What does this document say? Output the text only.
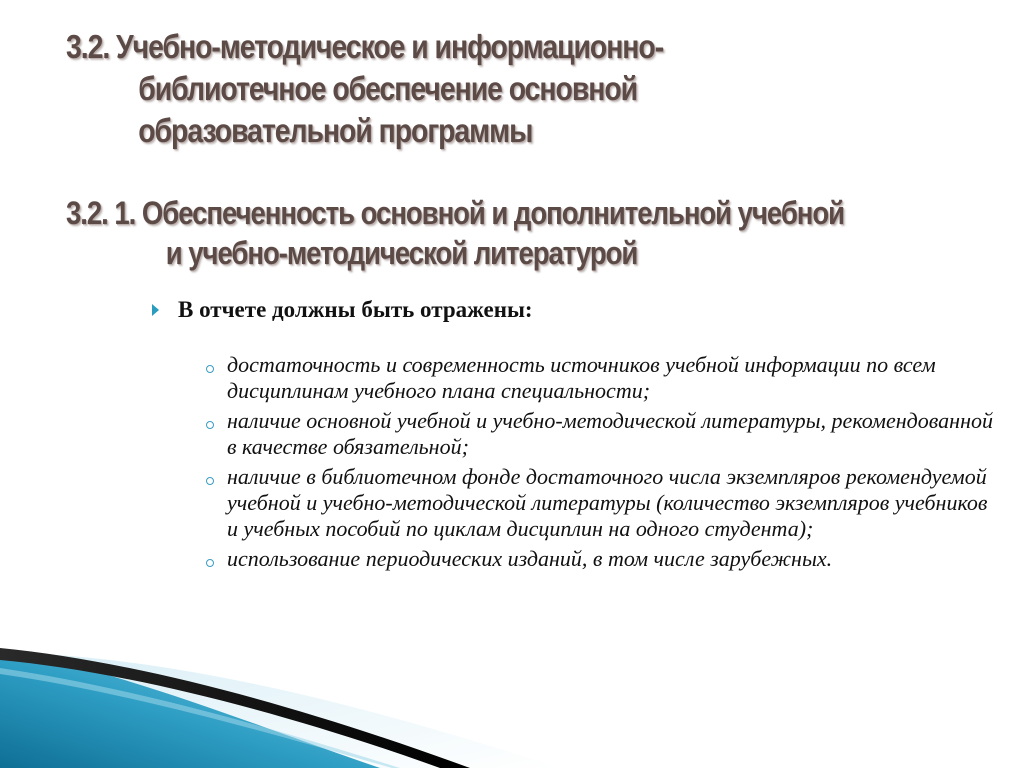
3.2. Учебно-методическое и информационно-
библиотечное обеспечение основной
образовательной программы
3.2. 1. Обеспеченность основной и дополнительной учебной
и учебно-методической литературой
В отчете должны быть отражены:
достаточность и современность источников учебной информации по всем дисциплинам учебного плана специальности;
наличие основной учебной и учебно-методической литературы, рекомендованной в качестве обязательной;
наличие в библиотечном фонде достаточного числа экземпляров рекомендуемой учебной и учебно-методической литературы (количество экземпляров учебников и учебных пособий по циклам дисциплин на одного студента);
использование периодических изданий, в том числе зарубежных.
